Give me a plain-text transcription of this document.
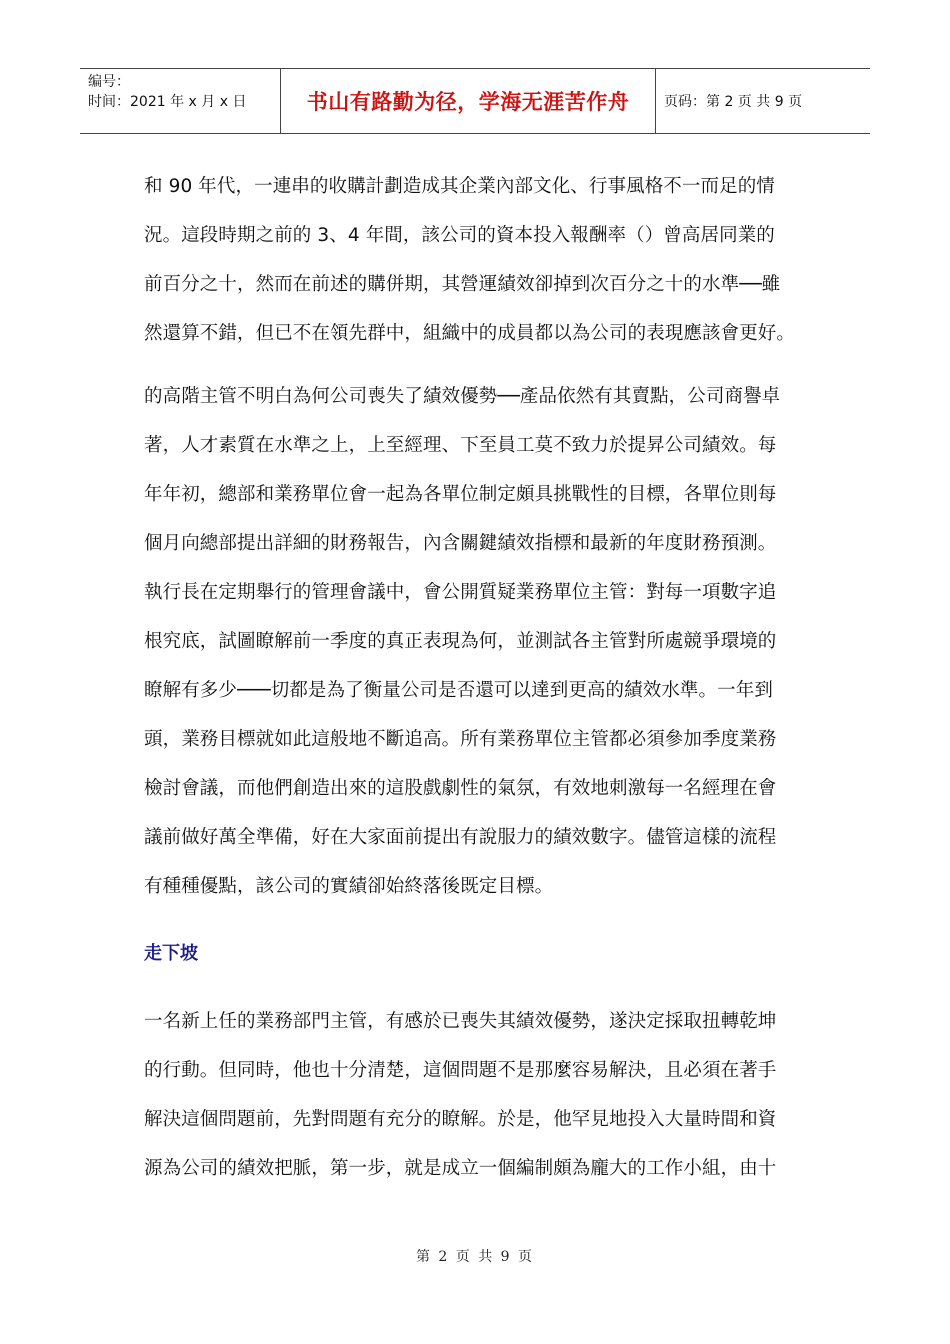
编号：
时间：2021 年 x 月 x 日	书山有路勤为径，学海无涯苦作舟	页码：第 2 页 共 9 页

和 90 年代，一連串的收購計劃造成其企業內部文化、行事風格不一而足的情

況。這段時期之前的 3、4 年間，該公司的資本投入報酬率（）曾高居同業的

前百分之十，然而在前述的購併期，其營運績效卻掉到次百分之十的水準──雖

然還算不錯，但已不在領先群中，組織中的成員都以為公司的表現應該會更好。

的高階主管不明白為何公司喪失了績效優勢──產品依然有其賣點，公司商譽卓

著，人才素質在水準之上，上至經理、下至員工莫不致力於提昇公司績效。每

年年初，總部和業務單位會一起為各單位制定頗具挑戰性的目標，各單位則每

個月向總部提出詳細的財務報告，內含關鍵績效指標和最新的年度財務預測。

執行長在定期舉行的管理會議中，會公開質疑業務單位主管：對每一項數字追

根究底，試圖瞭解前一季度的真正表現為何，並測試各主管對所處競爭環境的

瞭解有多少───切都是為了衡量公司是否還可以達到更高的績效水準。一年到

頭，業務目標就如此這般地不斷追高。所有業務單位主管都必須參加季度業務

檢討會議，而他們創造出來的這股戲劇性的氣氛，有效地刺激每一名經理在會

議前做好萬全準備，好在大家面前提出有說服力的績效數字。儘管這樣的流程

有種種優點，該公司的實績卻始終落後既定目標。

走下坡

一名新上任的業務部門主管，有感於已喪失其績效優勢，遂決定採取扭轉乾坤

的行動。但同時，他也十分清楚，這個問題不是那麼容易解決，且必須在著手

解決這個問題前，先對問題有充分的瞭解。於是，他罕見地投入大量時間和資

源為公司的績效把脈，第一步，就是成立一個編制頗為龐大的工作小組，由十

第 2 页 共 9 页
